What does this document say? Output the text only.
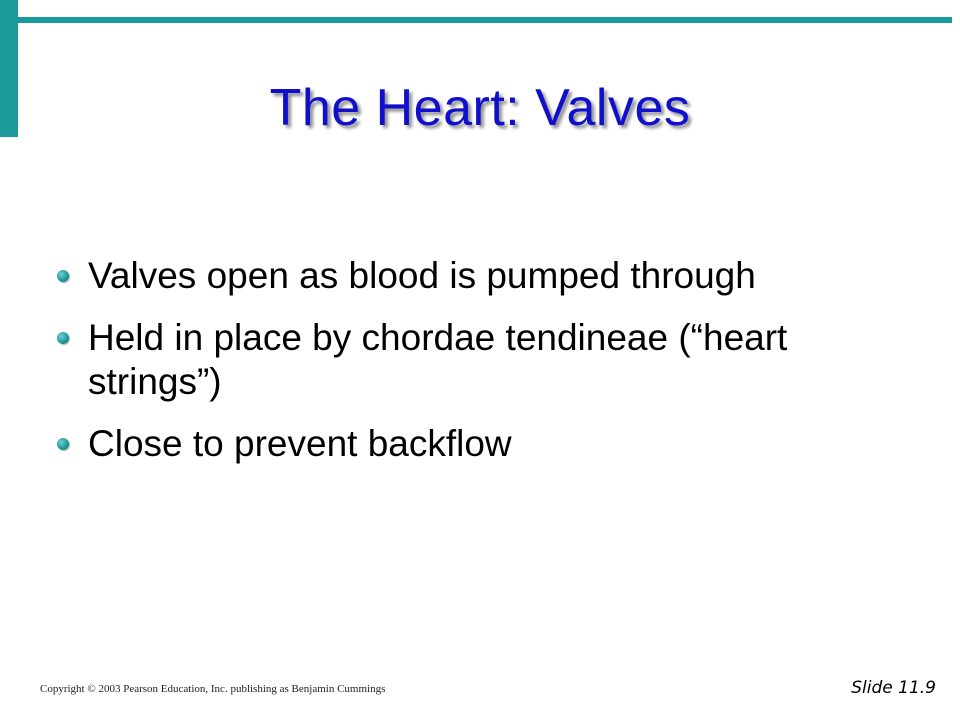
The Heart: Valves
Valves open as blood is pumped through
Held in place by chordae tendineae (“heart strings”)
Close to prevent backflow
Copyright © 2003 Pearson Education, Inc. publishing as Benjamin Cummings	Slide 11.9
